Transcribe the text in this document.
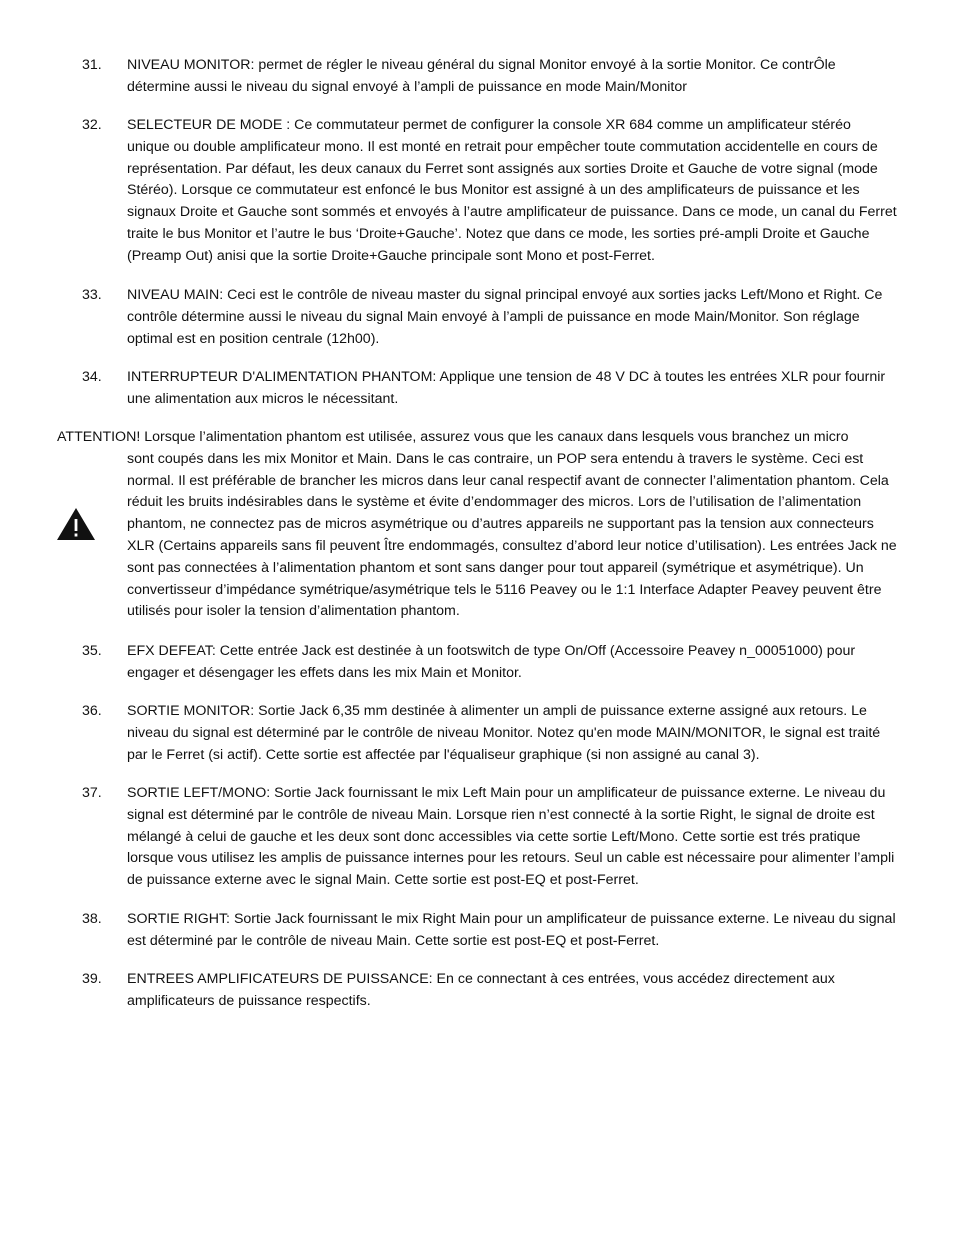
31. NIVEAU MONITOR: permet de régler le niveau général du signal Monitor envoyé à la sortie Monitor. Ce contrÔle détermine aussi le niveau du signal envoyé à l’ampli de puissance en mode Main/Monitor

32. SELECTEUR DE MODE : Ce commutateur permet de configurer la console XR 684 comme un amplificateur stéréo unique ou double amplificateur mono. Il est monté en retrait pour empêcher toute commutation accidentelle en cours de représentation. Par défaut, les deux canaux du Ferret sont assignés aux sorties Droite et Gauche de votre signal (mode Stéréo). Lorsque ce commutateur est enfoncé le bus Monitor est assigné à un des amplificateurs de puissance et les signaux Droite et Gauche sont sommés et envoyés à l’autre amplificateur de puissance. Dans ce mode, un canal du Ferret traite le bus Monitor et l’autre le bus ‘Droite+Gauche’. Notez que dans ce mode, les sorties pré-ampli Droite et Gauche (Preamp Out) anisi que la sortie Droite+Gauche principale sont Mono et post-Ferret.

33. NIVEAU MAIN: Ceci est le contrôle de niveau master du signal principal envoyé aux sorties jacks Left/Mono et Right. Ce contrôle détermine aussi le niveau du signal Main envoyé à l’ampli de puissance en mode Main/Monitor. Son réglage optimal est en position centrale (12h00).

34. INTERRUPTEUR D'ALIMENTATION PHANTOM: Applique une tension de 48 V DC à toutes les entrées XLR pour fournir une alimentation aux micros le nécessitant.

ATTENTION! Lorsque l’alimentation phantom est utilisée, assurez vous que les canaux dans lesquels vous branchez un micro

sont coupés dans les mix Monitor et Main. Dans le cas contraire, un POP sera entendu à travers le système. Ceci est normal. Il est préférable de brancher les micros dans leur canal respectif avant de connecter l’alimentation phantom. Cela réduit les bruits indésirables dans le système et évite d’endommager des micros. Lors de l’utilisation de l’alimentation phantom, ne connectez pas de micros asymétrique ou d’autres appareils ne supportant pas la tension aux connecteurs XLR (Certains appareils sans fil peuvent Ître endommagés, consultez d’abord leur notice d’utilisation). Les entrées Jack ne sont pas connectées à l’alimentation phantom et sont sans danger pour tout appareil (symétrique et asymétrique). Un convertisseur d’impédance symétrique/asymétrique tels le 5116 Peavey ou le 1:1 Interface Adapter Peavey peuvent être utilisés pour isoler la tension d’alimentation phantom.

35. EFX DEFEAT: Cette entrée Jack est destinée à un footswitch de type On/Off (Accessoire Peavey n_00051000) pour engager et désengager les effets dans les mix Main et Monitor.

36. SORTIE MONITOR: Sortie Jack 6,35 mm destinée à alimenter un ampli de puissance externe assigné aux retours. Le niveau du signal est déterminé par le contrôle de niveau Monitor. Notez qu'en mode MAIN/MONITOR, le signal est traité par le Ferret (si actif). Cette sortie est affectée par l'équaliseur graphique (si non assigné au canal 3).

37. SORTIE LEFT/MONO: Sortie Jack fournissant le mix Left Main pour un amplificateur de puissance externe. Le niveau du signal est déterminé par le contrôle de niveau Main. Lorsque rien n’est connecté à la sortie Right, le signal de droite est mélangé à celui de gauche et les deux sont donc accessibles via cette sortie Left/Mono. Cette sortie est trés pratique lorsque vous utilisez les amplis de puissance internes pour les retours. Seul un cable est nécessaire pour alimenter l’ampli de puissance externe avec le signal Main. Cette sortie est post-EQ et post-Ferret.

38. SORTIE RIGHT: Sortie Jack fournissant le mix Right Main pour un amplificateur de puissance externe. Le niveau du signal est déterminé par le contrôle de niveau Main. Cette sortie est post-EQ et post-Ferret.

39. ENTREES AMPLIFICATEURS DE PUISSANCE: En ce connectant à ces entrées, vous accédez directement aux amplificateurs de puissance respectifs.
